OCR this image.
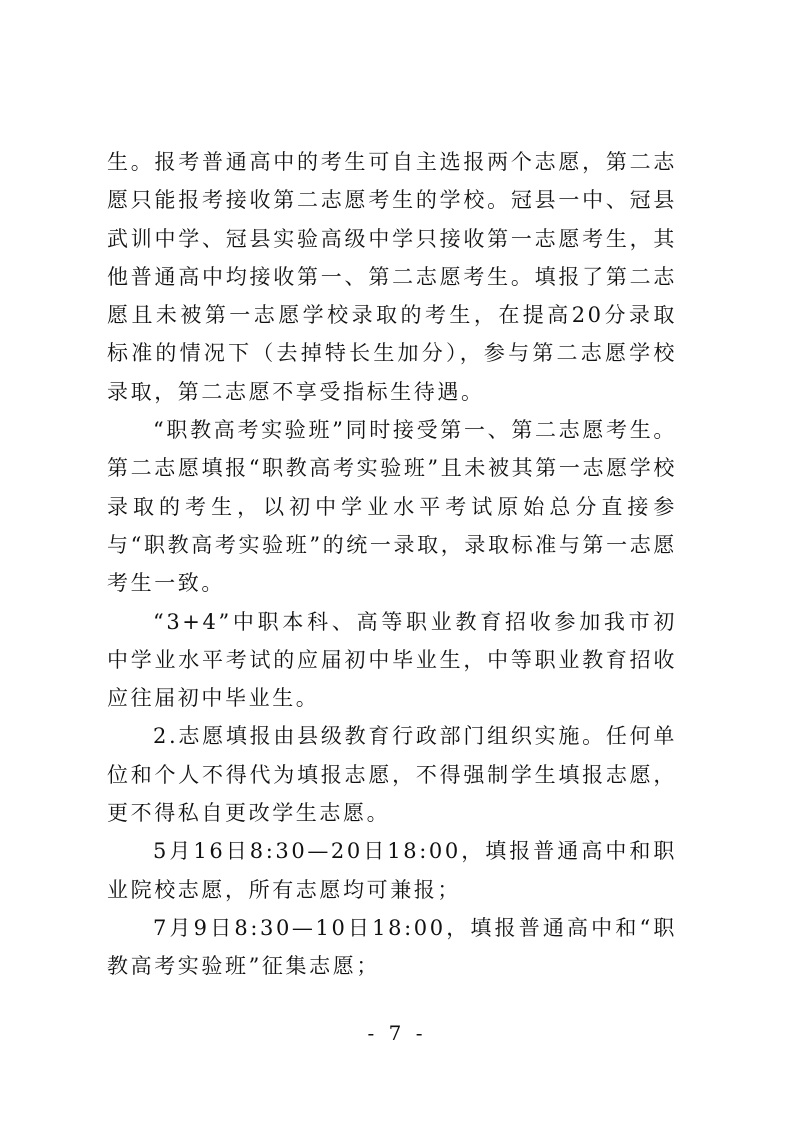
生。报考普通高中的考生可自主选报两个志愿，第二志愿只能报考接收第二志愿考生的学校。冠县一中、冠县武训中学、冠县实验高级中学只接收第一志愿考生，其他普通高中均接收第一、第二志愿考生。填报了第二志愿且未被第一志愿学校录取的考生，在提高20分录取标准的情况下（去掉特长生加分），参与第二志愿学校录取，第二志愿不享受指标生待遇。

“职教高考实验班”同时接受第一、第二志愿考生。第二志愿填报“职教高考实验班”且未被其第一志愿学校录取的考生，以初中学业水平考试原始总分直接参与“职教高考实验班”的统一录取，录取标准与第一志愿考生一致。

“3+4”中职本科、高等职业教育招收参加我市初中学业水平考试的应届初中毕业生，中等职业教育招收应往届初中毕业生。

2.志愿填报由县级教育行政部门组织实施。任何单位和个人不得代为填报志愿，不得强制学生填报志愿，更不得私自更改学生志愿。

5月16日8:30—20日18:00，填报普通高中和职业院校志愿，所有志愿均可兼报；

7月9日8:30—10日18:00，填报普通高中和“职教高考实验班”征集志愿；

- 7 -
